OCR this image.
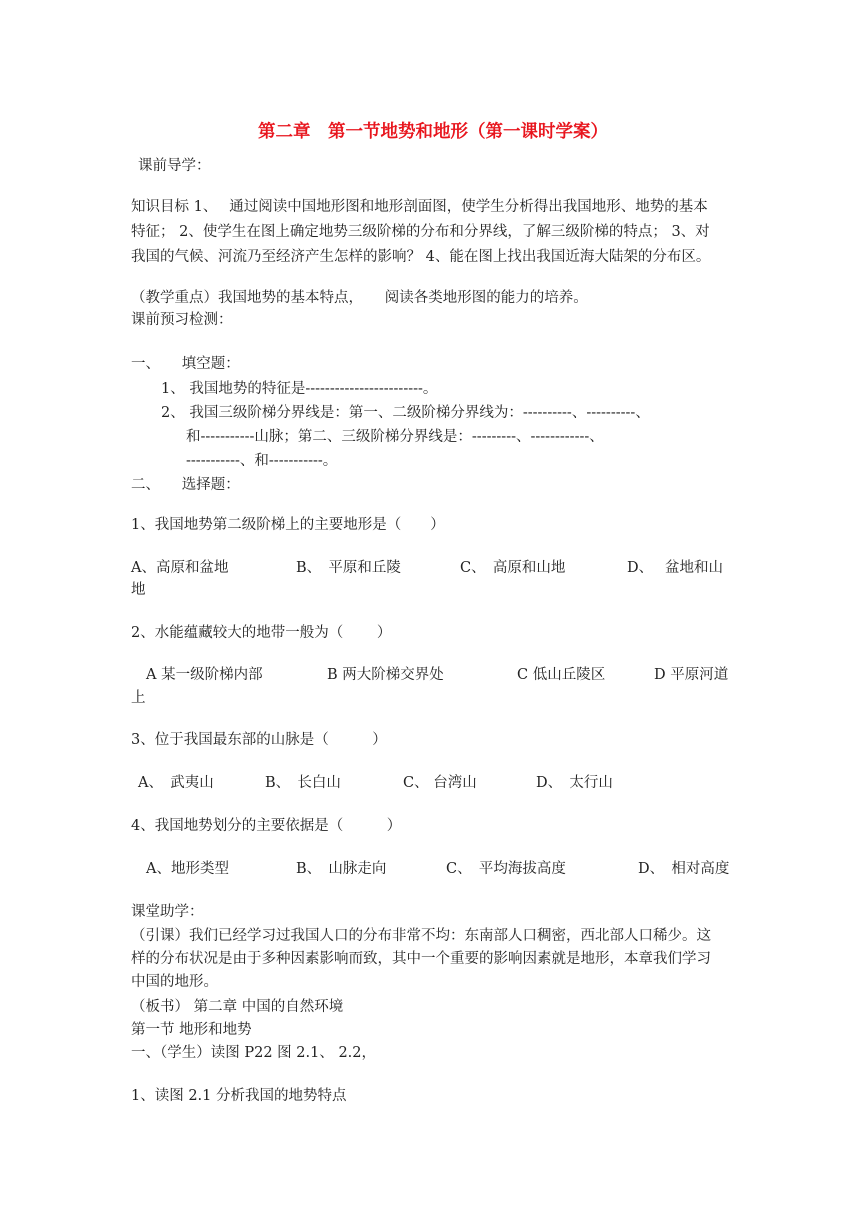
第二章　第一节地势和地形（第一课时学案）
课前导学：
知识目标 1、　 通过阅读中国地形图和地形剖面图，使学生分析得出我国地形、地势的基本
特征； 2、使学生在图上确定地势三级阶梯的分布和分界线，了解三级阶梯的特点； 3、对
我国的气候、河流乃至经济产生怎样的影响？ 4、能在图上找出我国近海大陆架的分布区。
（教学重点）我国地势的基本特点，　　阅读各类地形图的能力的培养。
课前预习检测：
一、　　填空题：
1、 我国地势的特征是------------------------。
2、 我国三级阶梯分界线是：第一、二级阶梯分界线为：----------、----------、
和-----------山脉；第二、三级阶梯分界线是：---------、------------、
-----------、和-----------。
二、　　选择题：
1、我国地势第二级阶梯上的主要地形是（　　）
A、高原和盆地	B、　平原和丘陵	C、　高原和山地	D、　 盆地和山
地
2、水能蕴藏较大的地带一般为（　　 ）
A 某一级阶梯内部	B 两大阶梯交界处	C 低山丘陵区	D 平原河道
上
3、位于我国最东部的山脉是（　　　）
A、　武夷山	B、　长白山	C、 台湾山	D、　太行山
4、我国地势划分的主要依据是（　　　）
A、地形类型	B、　山脉走向	C、　平均海拔高度	D、　相对高度
课堂助学：
（引课）我们已经学习过我国人口的分布非常不均：东南部人口稠密，西北部人口稀少。这
样的分布状况是由于多种因素影响而致，其中一个重要的影响因素就是地形，本章我们学习
中国的地形。
（板书） 第二章 中国的自然环境
第一节 地形和地势
一、（学生）读图 P22 图 2.1、 2.2，
1、读图 2.1 分析我国的地势特点
